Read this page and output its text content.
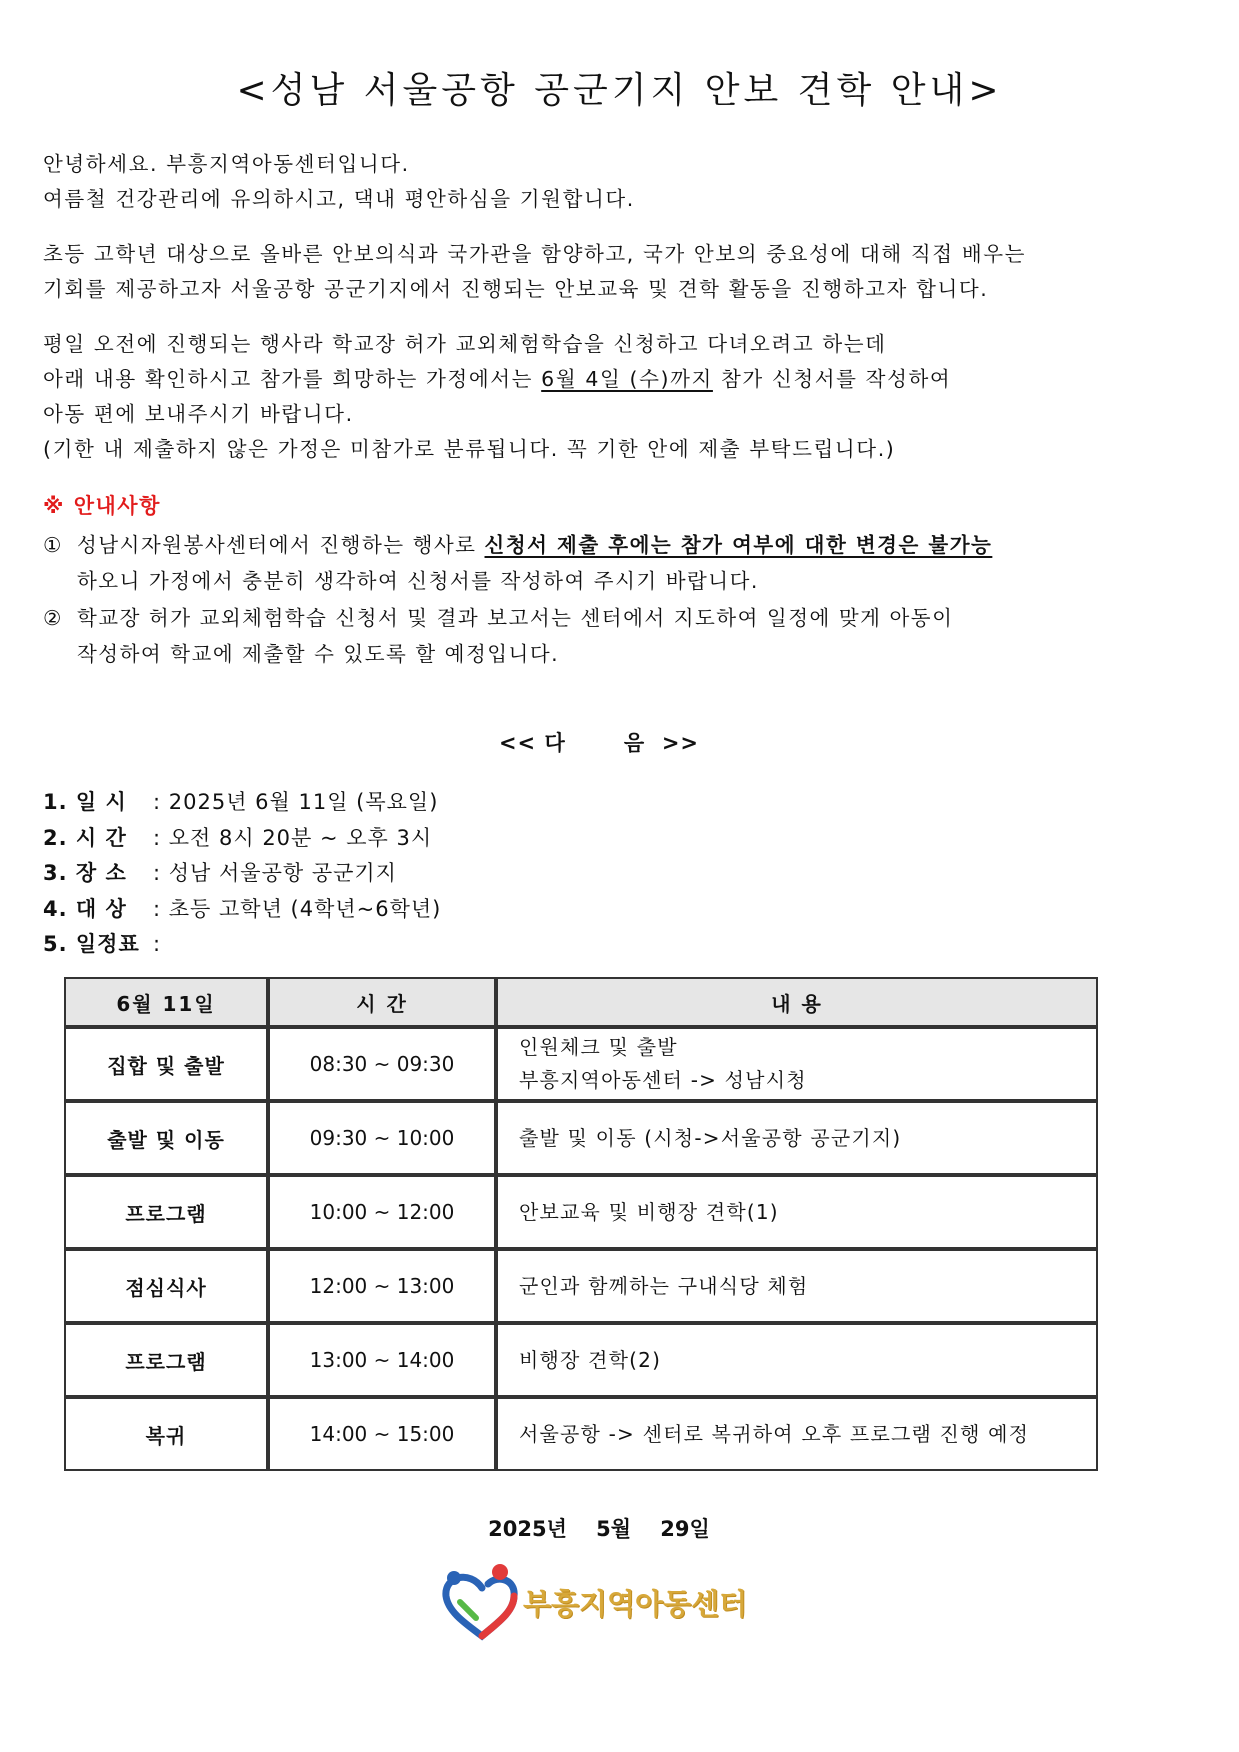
<성남 서울공항 공군기지 안보 견학 안내>
안녕하세요. 부흥지역아동센터입니다.
여름철 건강관리에 유의하시고, 댁내 평안하심을 기원합니다.
초등 고학년 대상으로 올바른 안보의식과 국가관을 함양하고, 국가 안보의 중요성에 대해 직접 배우는
기회를 제공하고자 서울공항 공군기지에서 진행되는 안보교육 및 견학 활동을 진행하고자 합니다.
평일 오전에 진행되는 행사라 학교장 허가 교외체험학습을 신청하고 다녀오려고 하는데
아래 내용 확인하시고 참가를 희망하는 가정에서는 6월 4일 (수)까지 참가 신청서를 작성하여
아동 편에 보내주시기 바랍니다.
(기한 내 제출하지 않은 가정은 미참가로 분류됩니다. 꼭 기한 안에 제출 부탁드립니다.)
※ 안내사항
① 성남시자원봉사센터에서 진행하는 행사로 신청서 제출 후에는 참가 여부에 대한 변경은 불가능
하오니 가정에서 충분히 생각하여 신청서를 작성하여 주시기 바랍니다.
② 학교장 허가 교외체험학습 신청서 및 결과 보고서는 센터에서 지도하여 일정에 맞게 아동이
작성하여 학교에 제출할 수 있도록 할 예정입니다.
<< 다       음  >>
1. 일 시 : 2025년 6월 11일 (목요일)
2. 시 간 : 오전 8시 20분 ~ 오후 3시
3. 장 소 : 성남 서울공항 공군기지
4. 대 상 : 초등 고학년 (4학년~6학년)
5. 일정표 :
6월 11일	시 간	내 용
집합 및 출발	08:30 ~ 09:30	인원체크 및 출발
부흥지역아동센터 -> 성남시청

출발 및 이동	09:30 ~ 10:00	출발 및 이동 (시청->서울공항 공군기지)
프로그램	10:00 ~ 12:00	안보교육 및 비행장 견학(1)
점심식사	12:00 ~ 13:00	군인과 함께하는 구내식당 체험
프로그램	13:00 ~ 14:00	비행장 견학(2)
복귀	14:00 ~ 15:00	서울공항 -> 센터로 복귀하여 오후 프로그램 진행 예정
2025년    5월    29일
부흥지역아동센터
